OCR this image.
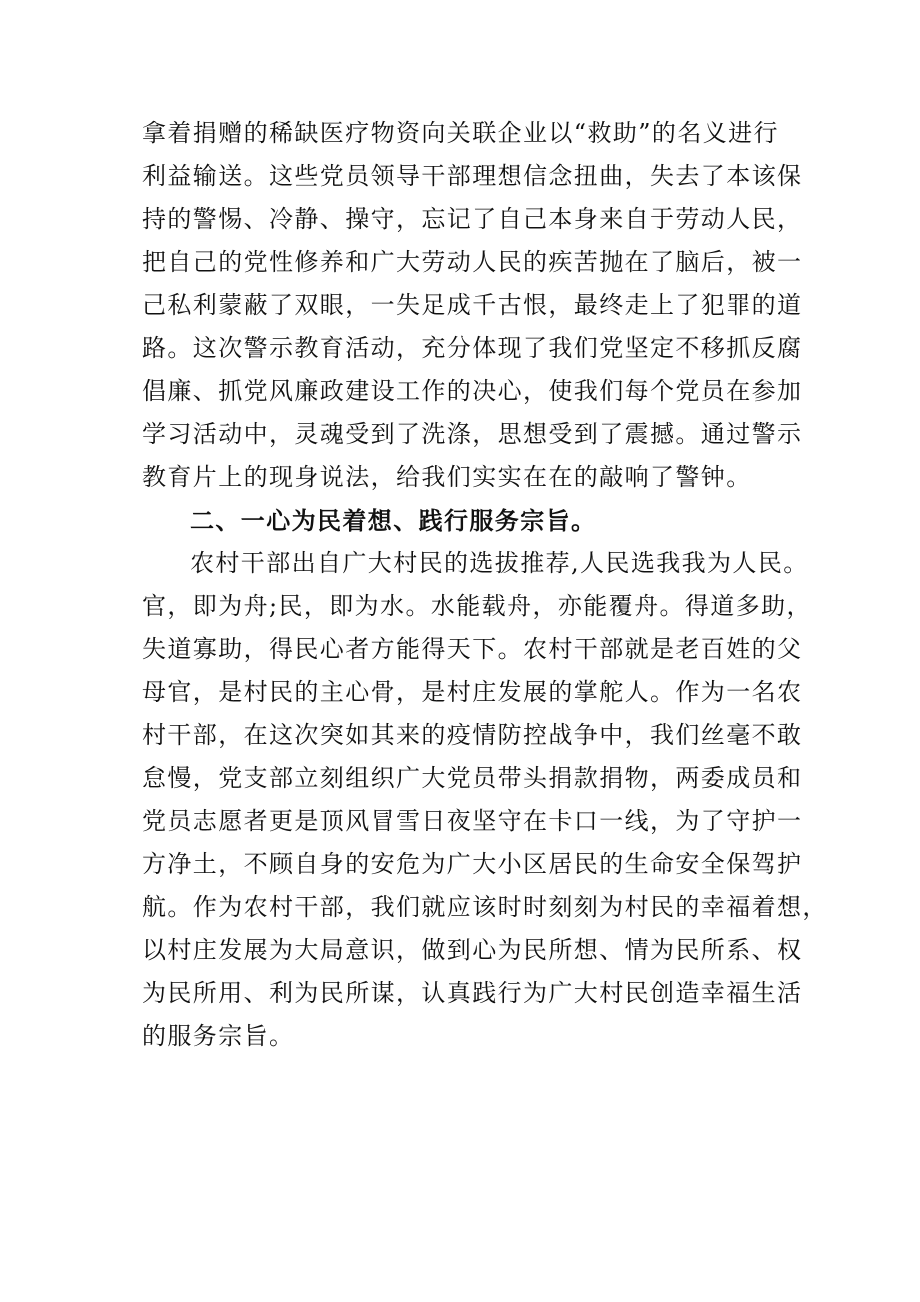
拿着捐赠的稀缺医疗物资向关联企业以“救助”的名义进行
利益输送。这些党员领导干部理想信念扭曲，失去了本该保
持的警惕、冷静、操守，忘记了自己本身来自于劳动人民，
把自己的党性修养和广大劳动人民的疾苦抛在了脑后，被一
己私利蒙蔽了双眼，一失足成千古恨，最终走上了犯罪的道
路。这次警示教育活动，充分体现了我们党坚定不移抓反腐
倡廉、抓党风廉政建设工作的决心，使我们每个党员在参加
学习活动中，灵魂受到了洗涤，思想受到了震撼。通过警示
教育片上的现身说法，给我们实实在在的敲响了警钟。
二、一心为民着想、践行服务宗旨。
农村干部出自广大村民的选拔推荐,人民选我我为人民。
官，即为舟;民，即为水。水能载舟，亦能覆舟。得道多助，
失道寡助，得民心者方能得天下。农村干部就是老百姓的父
母官，是村民的主心骨，是村庄发展的掌舵人。作为一名农
村干部，在这次突如其来的疫情防控战争中，我们丝毫不敢
怠慢，党支部立刻组织广大党员带头捐款捐物，两委成员和
党员志愿者更是顶风冒雪日夜坚守在卡口一线，为了守护一
方净土，不顾自身的安危为广大小区居民的生命安全保驾护
航。作为农村干部，我们就应该时时刻刻为村民的幸福着想，
以村庄发展为大局意识，做到心为民所想、情为民所系、权
为民所用、利为民所谋，认真践行为广大村民创造幸福生活
的服务宗旨。
